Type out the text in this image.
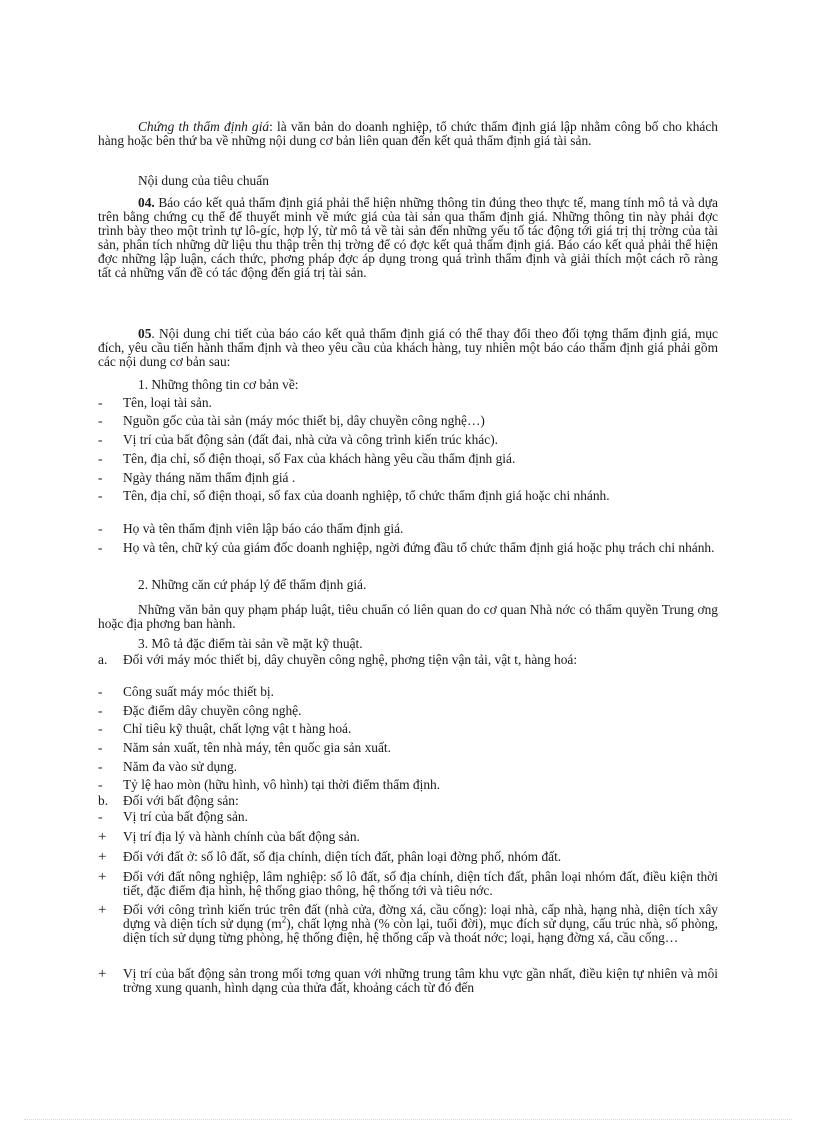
Chứng th thẩm định giá: là văn bản do doanh nghiệp, tổ chức thẩm định giá lập nhằm công bố cho khách hàng hoặc bên thứ ba về những nội dung cơ bản liên quan đến kết quả thẩm định giá tài sản.
Nội dung của tiêu chuẩn
04. Báo cáo kết quả thẩm định giá phải thể hiện những thông tin đúng theo thực tế, mang tính mô tả và dựa trên bằng chứng cụ thể để thuyết minh về mức giá của tài sản qua thẩm định giá. Những thông tin này phải đợc trình bày theo một trình tự lô-gíc, hợp lý, từ mô tả về tài sản đến những yếu tố tác động tới giá trị thị trờng của tài sản, phân tích những dữ liệu thu thập trên thị trờng để có đợc kết quả thẩm định giá. Báo cáo kết quả phải thể hiện đợc những lập luận, cách thức, phơng pháp đợc áp dụng trong quá trình thẩm định và giải thích một cách rõ ràng tất cả những vấn đề có tác động đến giá trị tài sản.
05. Nội dung chi tiết của báo cáo kết quả thẩm định giá có thể thay đổi theo đối tợng thẩm định giá, mục đích, yêu cầu tiến hành thẩm định và theo yêu cầu của khách hàng, tuy nhiên một báo cáo thẩm định giá phải gồm các nội dung cơ bản sau:
1. Những thông tin cơ bản về:
-	Tên, loại tài sản.
-	Nguồn gốc của tài sản (máy móc thiết bị, dây chuyền công nghệ…)
-	Vị trí của bất động sản (đất đai, nhà cửa và công trình kiến trúc khác).
-	Tên, địa chỉ, số điện thoại, số Fax của khách hàng yêu cầu thẩm định giá.
-	Ngày tháng năm thẩm định giá .
-	Tên, địa chỉ, số điện thoại, số fax của doanh nghiệp, tổ chức thẩm định giá hoặc chi nhánh.
-	Họ và tên thẩm định viên lập báo cáo thẩm định giá.
-	Họ và tên, chữ ký của giám đốc doanh nghiệp, ngời đứng đầu tổ chức thẩm định giá hoặc phụ trách chi nhánh.
2. Những căn cứ pháp lý để thẩm định giá.
Những văn bản quy phạm pháp luật, tiêu chuẩn có liên quan do cơ quan Nhà nớc có thẩm quyền Trung ơng hoặc địa phơng ban hành.
3. Mô tả đặc điểm tài sản về mặt kỹ thuật.
a.	Đối với máy móc thiết bị, dây chuyền công nghệ, phơng tiện vận tải, vật t, hàng hoá:
-	Công suất máy móc thiết bị.
-	Đặc điểm dây chuyền công nghệ.
-	Chỉ tiêu kỹ thuật, chất lợng vật t hàng hoá.
-	Năm sản xuất, tên nhà máy, tên quốc gia sản xuất.
-	Năm đa vào sử dụng.
-	Tỷ lệ hao mòn (hữu hình, vô hình) tại thời điểm thẩm định.
b.	Đối với bất động sản:
-	Vị trí của bất động sản.
+	Vị trí địa lý và hành chính của bất động sản.
+	Đối với đất ở: số lô đất, số địa chính, diện tích đất, phân loại đờng phố, nhóm đất.
+	Đối với đất nông nghiệp, lâm nghiệp: số lô đất, số địa chính, diện tích đất, phân loại nhóm đất, điều kiện thời tiết, đặc điểm địa hình, hệ thống giao thông, hệ thống tới và tiêu nớc.
+	Đối với công trình kiến trúc trên đất (nhà cửa, đờng xá, cầu cống): loại nhà, cấp nhà, hạng nhà, diện tích xây dựng và diện tích sử dụng $(m^2)$, chất lợng nhà (% còn lại, tuổi đời), mục đích sử dụng, cấu trúc nhà, số phòng, diện tích sử dụng từng phòng, hệ thống điện, hệ thống cấp và thoát nớc; loại, hạng đờng xá, cầu cống…
+	Vị trí của bất động sản trong mối tơng quan với những trung tâm khu vực gần nhất, điều kiện tự nhiên và môi trờng xung quanh, hình dạng của thửa đất, khoảng cách từ đó đến
